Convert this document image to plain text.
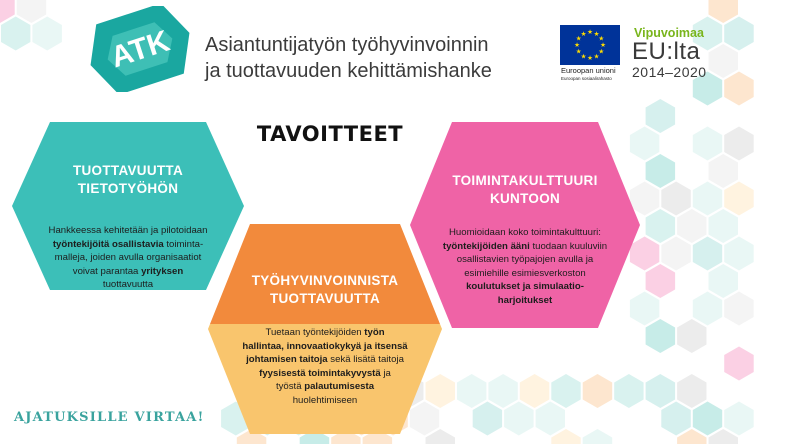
ATK Asiantuntijatyön työhyvinvoinnin
ja tuottavuuden kehittämishanke
★ ★
★
★
★
★
★
★
★
★
★
★
Euroopan unioni
Euroopan sosiaalirahasto
Vipuvoimaa
EU:lta
2014–2020
TAVOITTEET
TUOTTAVUUTTA
TIETOTYÖHÖN
Hankkeessa kehitetään ja pilotoidaan
työntekijöitä osallistavia toiminta-
malleja, joiden avulla organisaatiot
voivat parantaa yrityksen
tuottavuutta
TOIMINTAKULTTUURI
KUNTOON
Huomioidaan koko toimintakulttuuri:
työntekijöiden ääni tuodaan kuuluviin
osallistavien työpajojen avulla ja
esimiehille esimiesverkoston
koulutukset ja simulaatio-
harjoitukset
TYÖHYVINVOINNISTA
TUOTTAVUUTTA
Tuetaan työntekijöiden työn
hallintaa, innovaatiokykyä ja itsensä
johtamisen taitoja sekä lisätä taitoja
fyysisestä toimintakyvystä ja
työstä palautumisesta
huolehtimiseen
AJATUKSILLE VIRTAA!
